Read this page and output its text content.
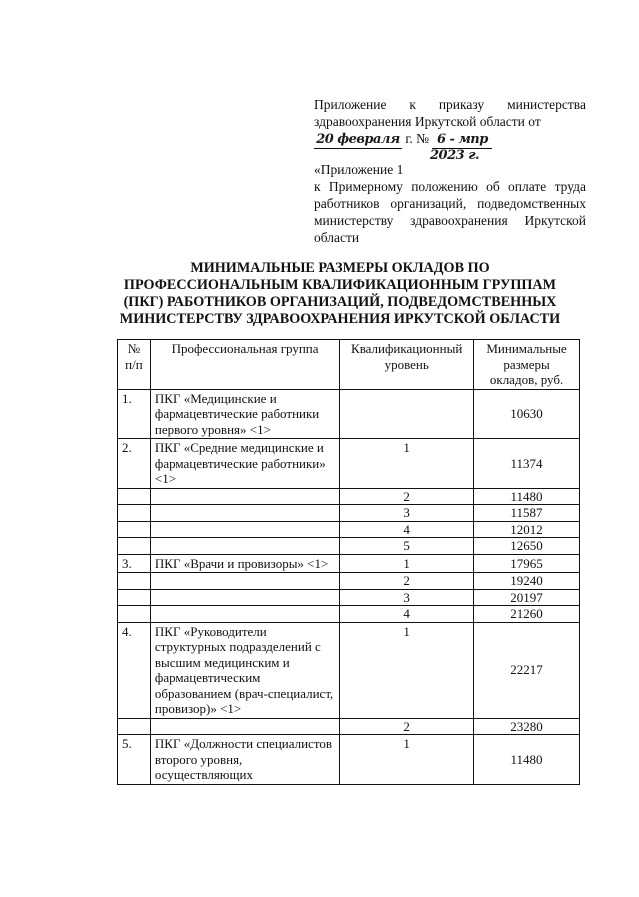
Приложение к приказу министерства здравоохранения Иркутской области от

20 февраля г. № 6 - мпр
2023 г.

«Приложение 1

к Примерному положению об оплате труда работников организаций, подведомственных министерству здравоохранения Иркутской области

МИНИМАЛЬНЫЕ РАЗМЕРЫ ОКЛАДОВ ПО

ПРОФЕССИОНАЛЬНЫМ КВАЛИФИКАЦИОННЫМ ГРУППАМ

(ПКГ) РАБОТНИКОВ ОРГАНИЗАЦИЙ, ПОДВЕДОМСТВЕННЫХ

МИНИСТЕРСТВУ ЗДРАВООХРАНЕНИЯ ИРКУТСКОЙ ОБЛАСТИ

№ п/п	Профессиональная группа	Квалификационный уровень	Минимальные размеры окладов, руб.
1.	ПКГ «Медицинские и фармацевтические работники первого уровня» <1>		10630
2.	ПКГ «Средние медицинские и фармацевтические работники» <1>	1	11374
		2	11480
		3	11587
		4	12012
		5	12650
3.	ПКГ «Врачи и провизоры» <1>	1	17965
		2	19240
		3	20197
		4	21260
4.	ПКГ «Руководители структурных подразделений с высшим медицинским и фармацевтическим образованием (врач-специалист, провизор)» <1>	1	22217
		2	23280
5.	ПКГ «Должности специалистов второго уровня, осуществляющих	1	11480
